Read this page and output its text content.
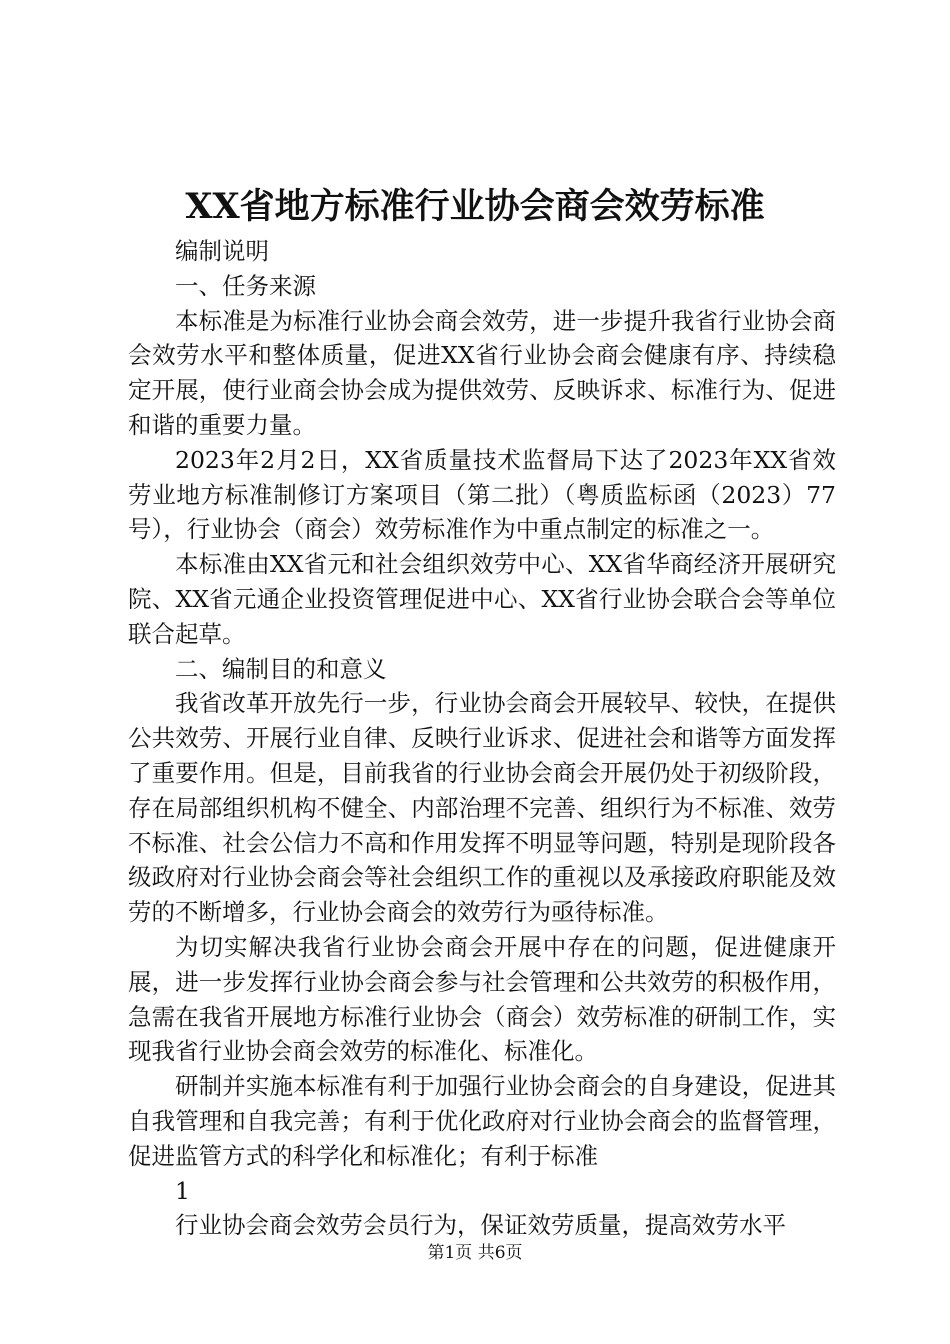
XX省地方标准行业协会商会效劳标准

编制说明

一、任务来源

本标准是为标准行业协会商会效劳，进一步提升我省行业协会商会效劳水平和整体质量，促进XX省行业协会商会健康有序、持续稳定开展，使行业商会协会成为提供效劳、反映诉求、标准行为、促进和谐的重要力量。

2023年2月2日，XX省质量技术监督局下达了2023年XX省效劳业地方标准制修订方案项目（第二批）（粤质监标函（2023）77号），行业协会（商会）效劳标准作为中重点制定的标准之一。

本标准由XX省元和社会组织效劳中心、XX省华商经济开展研究院、XX省元通企业投资管理促进中心、XX省行业协会联合会等单位联合起草。

二、编制目的和意义

我省改革开放先行一步，行业协会商会开展较早、较快，在提供公共效劳、开展行业自律、反映行业诉求、促进社会和谐等方面发挥了重要作用。但是，目前我省的行业协会商会开展仍处于初级阶段，存在局部组织机构不健全、内部治理不完善、组织行为不标准、效劳不标准、社会公信力不高和作用发挥不明显等问题，特别是现阶段各级政府对行业协会商会等社会组织工作的重视以及承接政府职能及效劳的不断增多，行业协会商会的效劳行为亟待标准。

为切实解决我省行业协会商会开展中存在的问题，促进健康开展，进一步发挥行业协会商会参与社会管理和公共效劳的积极作用，急需在我省开展地方标准行业协会（商会）效劳标准的研制工作，实现我省行业协会商会效劳的标准化、标准化。

研制并实施本标准有利于加强行业协会商会的自身建设，促进其自我管理和自我完善；有利于优化政府对行业协会商会的监督管理，促进监管方式的科学化和标准化；有利于标准

1

行业协会商会效劳会员行为，保证效劳质量，提高效劳水平

第1页 共6页
